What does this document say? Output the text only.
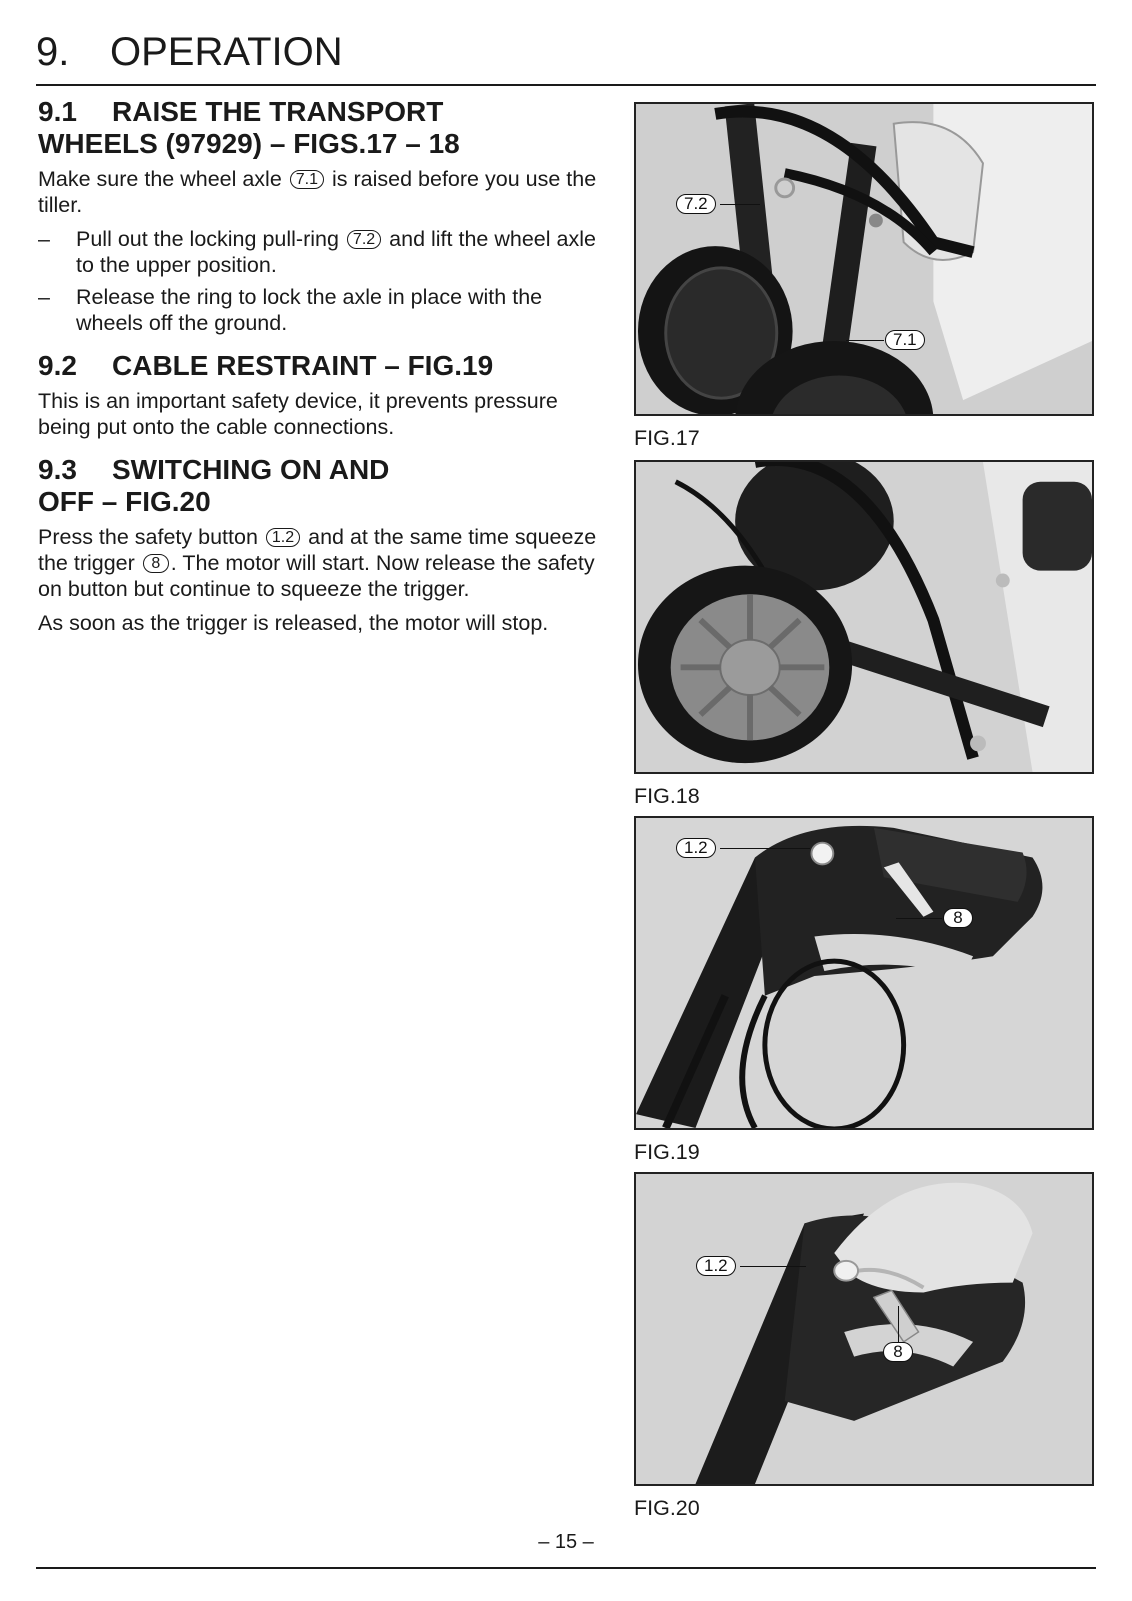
9. OPERATION
9.1 RAISE THE TRANSPORT
WHEELS (97929) – FIGS.17 – 18

Make sure the wheel axle 7.1 is raised before you use the tiller.

– Pull out the locking pull-ring 7.2 and lift the wheel axle to the upper position.

– Release the ring to lock the axle in place with the wheels off the ground.

9.2 CABLE RESTRAINT – FIG.19

This is an important safety device, it prevents pressure being put onto the cable connections.

9.3 SWITCHING ON AND
OFF – FIG.20

Press the safety button 1.2 and at the same time squeeze the trigger 8 . The motor will start. Now release the safety on button but continue to squeeze the trigger.

As soon as the trigger is released, the motor will stop.

7.2
7.1
FIG.17
FIG.18
1.2
8
FIG.19
1.2
8
FIG.20
– 15 –
